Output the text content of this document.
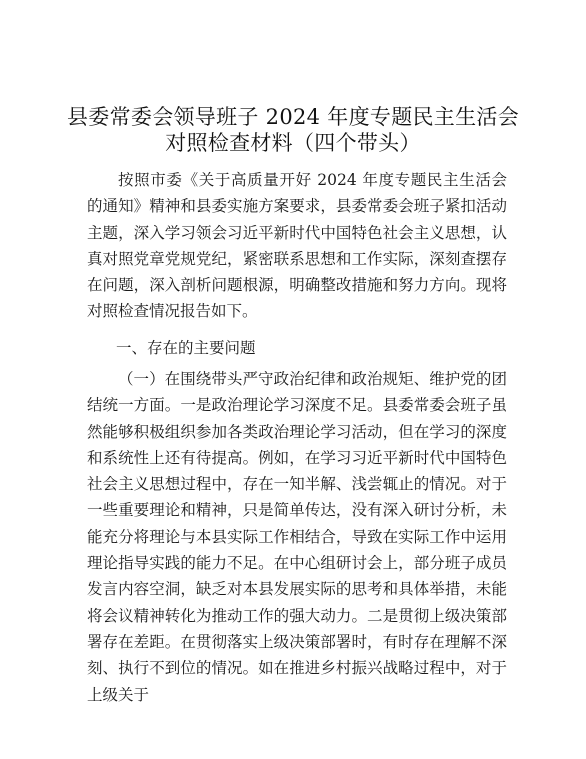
县委常委会领导班子 2024 年度专题民主生活会
对照检查材料（四个带头）
按照市委《关于高质量开好 2024 年度专题民主生活会的通知》精神和县委实施方案要求，县委常委会班子紧扣活动主题，深入学习领会习近平新时代中国特色社会主义思想，认真对照党章党规党纪，紧密联系思想和工作实际，深刻查摆存在问题，深入剖析问题根源，明确整改措施和努力方向。现将对照检查情况报告如下。
一、存在的主要问题
（一）在围绕带头严守政治纪律和政治规矩、维护党的团结统一方面。一是政治理论学习深度不足。县委常委会班子虽然能够积极组织参加各类政治理论学习活动，但在学习的深度和系统性上还有待提高。例如，在学习习近平新时代中国特色社会主义思想过程中，存在一知半解、浅尝辄止的情况。对于一些重要理论和精神，只是简单传达，没有深入研讨分析，未能充分将理论与本县实际工作相结合，导致在实际工作中运用理论指导实践的能力不足。在中心组研讨会上，部分班子成员发言内容空洞，缺乏对本县发展实际的思考和具体举措，未能将会议精神转化为推动工作的强大动力。二是贯彻上级决策部署存在差距。在贯彻落实上级决策部署时，有时存在理解不深刻、执行不到位的情况。如在推进乡村振兴战略过程中，对于上级关于
